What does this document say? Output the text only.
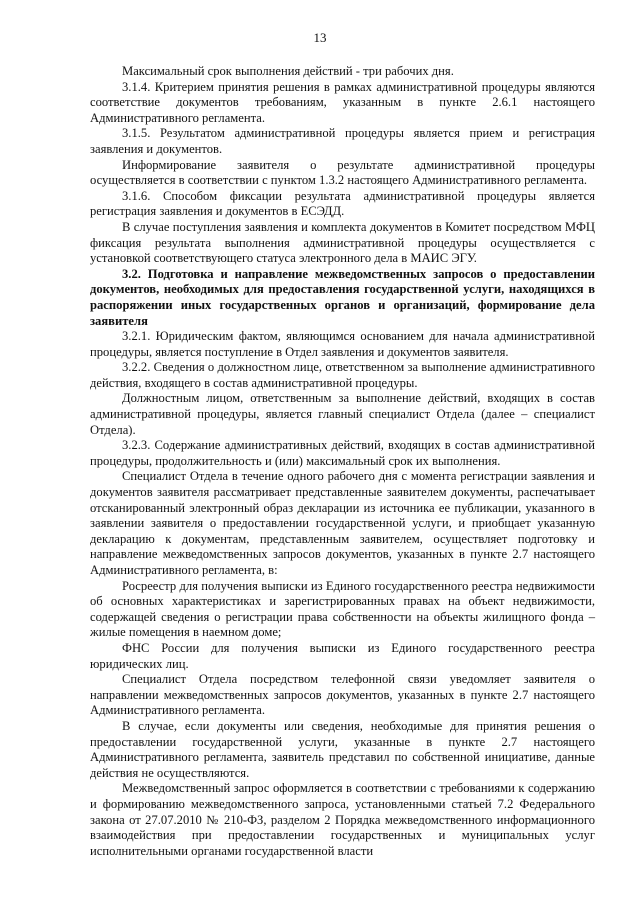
13

Максимальный срок выполнения действий - три рабочих дня.

3.1.4. Критерием принятия решения в рамках административной процедуры являются соответствие документов требованиям, указанным в пункте 2.6.1 настоящего Административного регламента.

3.1.5. Результатом административной процедуры является прием и регистрация заявления и документов.

Информирование заявителя о результате административной процедуры осуществляется в соответствии с пунктом 1.3.2 настоящего Административного регламента.

3.1.6. Способом фиксации результата административной процедуры является регистрация заявления и документов в ЕСЭДД.

В случае поступления заявления и комплекта документов в Комитет посредством МФЦ фиксация результата выполнения административной процедуры осуществляется с установкой соответствующего статуса электронного дела в МАИС ЭГУ.

3.2. Подготовка и направление межведомственных запросов о предоставлении документов, необходимых для предоставления государственной услуги, находящихся в распоряжении иных государственных органов и организаций, формирование дела заявителя

3.2.1. Юридическим фактом, являющимся основанием для начала административной процедуры, является поступление в Отдел заявления и документов заявителя.

3.2.2. Сведения о должностном лице, ответственном за выполнение административного действия, входящего в состав административной процедуры.

Должностным лицом, ответственным за выполнение действий, входящих в состав административной процедуры, является главный специалист Отдела (далее – специалист Отдела).

3.2.3. Содержание административных действий, входящих в состав административной процедуры, продолжительность и (или) максимальный срок их выполнения.

Специалист Отдела в течение одного рабочего дня с момента регистрации заявления и документов заявителя рассматривает представленные заявителем документы, распечатывает отсканированный электронный образ декларации из источника ее публикации, указанного в заявлении заявителя о предоставлении государственной услуги, и приобщает указанную декларацию к документам, представленным заявителем, осуществляет подготовку и направление межведомственных запросов документов, указанных в пункте 2.7 настоящего Административного регламента, в:

Росреестр для получения выписки из Единого государственного реестра недвижимости об основных характеристиках и зарегистрированных правах на объект недвижимости, содержащей сведения о регистрации права собственности на объекты жилищного фонда – жилые помещения в наемном доме;

ФНС России для получения выписки из Единого государственного реестра юридических лиц.

Специалист Отдела посредством телефонной связи уведомляет заявителя о направлении межведомственных запросов документов, указанных в пункте 2.7 настоящего Административного регламента.

В случае, если документы или сведения, необходимые для принятия решения о предоставлении государственной услуги, указанные в пункте 2.7 настоящего Административного регламента, заявитель представил по собственной инициативе, данные действия не осуществляются.

Межведомственный запрос оформляется в соответствии с требованиями к содержанию и формированию межведомственного запроса, установленными статьей 7.2 Федерального закона от 27.07.2010 № 210-ФЗ, разделом 2 Порядка межведомственного информационного взаимодействия при предоставлении государственных и муниципальных услуг исполнительными органами государственной власти
